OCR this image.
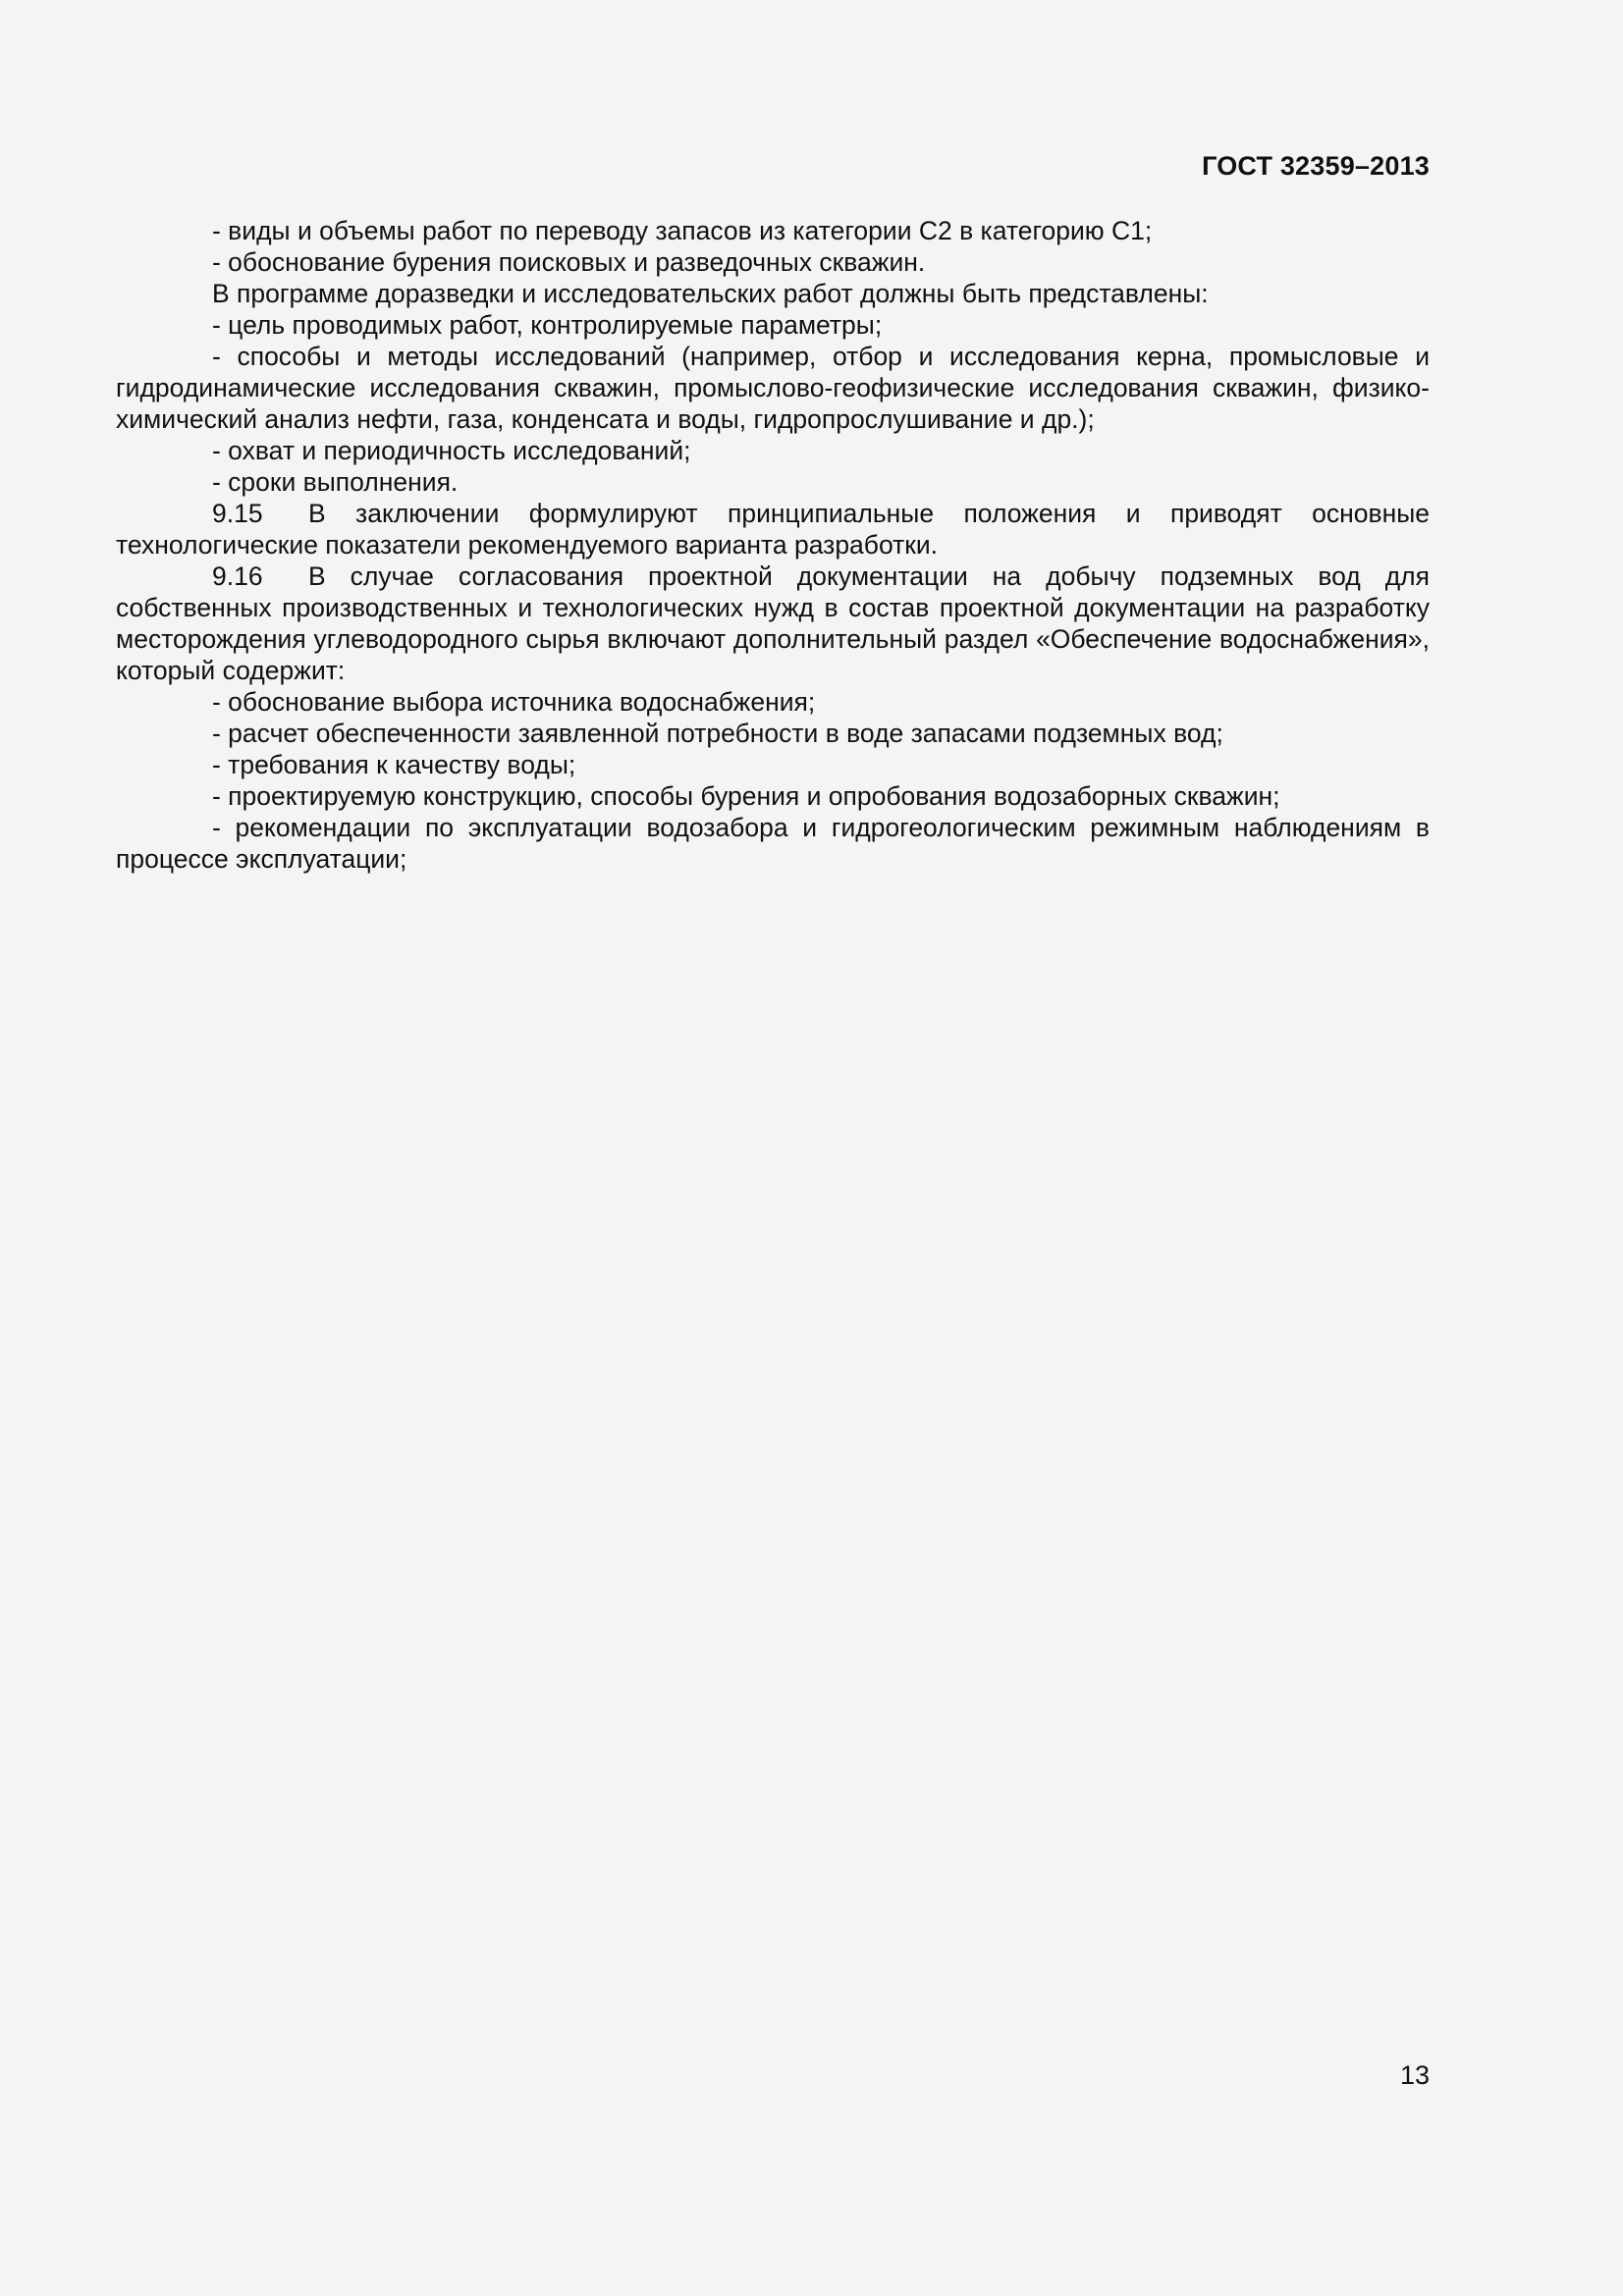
ГОСТ 32359–2013

- виды и объемы работ по переводу запасов из категории С2 в категорию С1;

- обоснование бурения поисковых и разведочных скважин.

В программе доразведки и исследовательских работ должны быть представлены:

- цель проводимых работ, контролируемые параметры;

- способы и методы исследований (например, отбор и исследования керна, промысловые и гидродинамические исследования скважин, промыслово-геофизические исследования скважин, физико-химический анализ нефти, газа, конденсата и воды, гидропрослушивание и др.);

- охват и периодичность исследований;

- сроки выполнения.

9.15 В заключении формулируют принципиальные положения и приводят основные технологические показатели рекомендуемого варианта разработки.

9.16 В случае согласования проектной документации на добычу подземных вод для собственных производственных и технологических нужд в состав проектной документации на разработку месторождения углеводородного сырья включают дополнительный раздел «Обеспечение водоснабжения», который содержит:

- обоснование выбора источника водоснабжения;

- расчет обеспеченности заявленной потребности в воде запасами подземных вод;

- требования к качеству воды;

- проектируемую конструкцию, способы бурения и опробования водозаборных скважин;

- рекомендации по эксплуатации водозабора и гидрогеологическим режимным наблюдениям в процессе эксплуатации;

13
